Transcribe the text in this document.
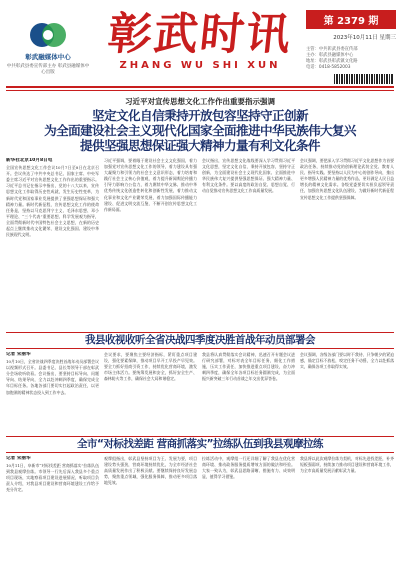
彰武融媒体中心
中共彰武县委宣传部主办 彰武县融媒体中心出版
彰武时讯
ZHANG WU SHI XUN
第 2379 期
2023年10月11日 星期三
主管：中共彰武县委宣传部
主办：彰武县融媒体中心
地址：彰武县彰武镇文化路
电话：0418-5852003
习近平对宣传思想文化工作作出重要指示强调
坚定文化自信秉持开放包容坚持守正创新
为全面建设社会主义现代化国家全面推进中华民族伟大复兴
提供坚强思想保证强大精神力量有利文化条件
新华社北京10月8日电
全国宣传思想文化工作会议10月7日至8日在北京召开。会议传达了中共中央总书记、国家主席、中央军委主席习近平对宣传思想文化工作作出的重要指示。习近平总书记在指示中指出，党的十八大以来，宣传思想文化工作取得历史性成就，发生历史性变革，为新时代党和国家事业发展提供了坚强思想保证和强大精神力量。新时代新征程，宣传思想文化工作的使命任务是，坚持以马克思列宁主义、毛泽东思想、邓小平理论、“三个代表”重要思想、科学发展观为指导，全面贯彻新时代中国特色社会主义思想，在新的历史起点上继续推动文化繁荣、建设文化强国、建设中华民族现代文明。
习近平强调，要着眼于建设社会主义文化强国，着力加强党对宣传思想文化工作的领导，着力建设具有强大凝聚力和引领力的社会主义意识形态，着力培育和践行社会主义核心价值观，着力提升新闻舆论传播力引导力影响力公信力，着力赓续中华文脉、推动中华优秀传统文化创造性转化和创新性发展，着力推动文化事业和文化产业繁荣发展，着力加强国际传播能力建设、促进文明交流互鉴，不断开创宣传思想文化工作新局面。
会议指出，宣传思想文化战线要深入学习贯彻习近平文化思想，坚定文化自信，秉持开放包容，坚持守正创新，为全面建设社会主义现代化国家、全面推进中华民族伟大复兴提供坚强思想保证、强大精神力量、有利文化条件。要以高度的政治自觉、思想自觉、行动自觉推动宣传思想文化工作高质量发展。
会议强调，要把深入学习贯彻习近平文化思想作为首要政治任务，持续推动党的创新理论武装全党、教育人民、指导实践。要坚持以人民为中心的创作导向，推出更多增强人民精神力量的优秀作品，更好满足人民日益增长的精神文化需求。各级党委要切实担负起领导责任，加强宣传思想文化队伍建设，为做好新时代新征程宣传思想文化工作提供坚强保障。
我县收视收听全省决战四季度决胜首战年动员部署会
记者 宋丽华
10月10日，全省决战四季度决胜首战年动员部署会议以视频形式召开。县委书记、县长等领导干部在彰武分会场收听收看。会议指出，要坚持目标导向、问题导向、结果导向，全力以赴冲刺四季度，确保完成全年目标任务。各地各部门要切实扛起政治责任，以更加饱满的精神状态投入到工作中去。
会议要求，要聚焦主要经济指标，紧盯重点项目建设，强化要素保障，推动项目早开工早投产早见效。要全力抓好招商引资工作，持续优化营商环境，激发市场主体活力。要统筹发展和安全，抓好安全生产、森林防火等工作，确保社会大局和谐稳定。
我县将认真贯彻落实会议精神，迅速召开专题会议进行研究部署，对标对表全年目标任务，细化工作措施，压实工作责任，加快推进重点项目建设，奋力冲刺四季度，确保全年各项目标任务圆满完成，为全面振兴新突破三年行动首战之年交出优异答卷。
会议强调，各级各部门要以时不我待、只争朝夕的紧迫感，锚定目标不放松，咬定任务不动摇，全力以赴抓落实，确保各项工作取得实效。
全市“对标找差距 营商抓落实”拉练队伍到我县观摩拉练
记者 宋丽华
10月11日，阜新市“对标找差距 营商抓落实”拉练队伍到我县观摩拉练。市领导一行先后深入我县多个重点项目现场，实地察看项目建设进展情况，听取项目负责人介绍，对我县项目建设和营商环境建设工作给予充分肯定。
观摩组指出，彰武县坚持项目为王、发展为要，项目建设势头强劲，营商环境持续优化，为全市经济社会高质量发展作出了积极贡献。要继续保持良好发展态势，聚焦重点领域，强化服务保障，推动更多项目落地见效。
拉练活动中，观摩组一行还详细了解了我县在优化营商环境、推动政务服务提质增效方面的做法和经验。大家一致认为，彰武县思路清晰、措施有力、成效明显，值得学习借鉴。
我县将以此次观摩拉练为契机，对标先进找差距，补齐短板强弱项，持续加力推动项目建设和营商环境工作，为全市高质量发展贡献彰武力量。
